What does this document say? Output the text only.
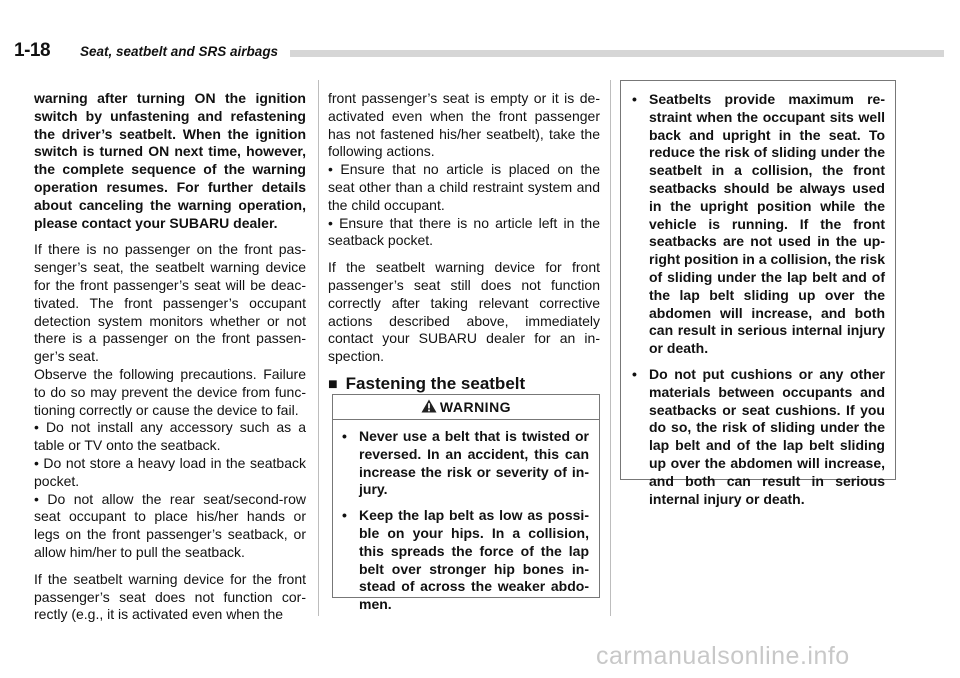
1-18 Seat, seatbelt and SRS airbags

warning after turning ON the ignition switch by unfastening and refastening the driver’s seatbelt. When the ignition switch is turned ON next time, however, the complete sequence of the warning operation resumes. For further details about canceling the warning operation, please contact your SUBARU dealer.

If there is no passenger on the front passenger’s seat, the seatbelt warning device for the front passenger’s seat will be deactivated. The front passenger’s occupant detection system monitors whether or not there is a passenger on the front passenger’s seat.

Observe the following precautions. Failure to do so may prevent the device from functioning correctly or cause the device to fail.

• Do not install any accessory such as a table or TV onto the seatback.

• Do not store a heavy load in the seatback pocket.

• Do not allow the rear seat/second-row seat occupant to place his/her hands or legs on the front passenger’s seatback, or allow him/her to pull the seatback.

If the seatbelt warning device for the front passenger’s seat does not function correctly (e.g., it is activated even when the

front passenger’s seat is empty or it is deactivated even when the front passenger has not fastened his/her seatbelt), take the following actions.

• Ensure that no article is placed on the seat other than a child restraint system and the child occupant.

• Ensure that there is no article left in the seatback pocket.

If the seatbelt warning device for front passenger’s seat still does not function correctly after taking relevant corrective actions described above, immediately contact your SUBARU dealer for an inspection.

■ Fastening the seatbelt
WARNING
• Never use a belt that is twisted or reversed. In an accident, this can increase the risk or severity of injury.
• Keep the lap belt as low as possible on your hips. In a collision, this spreads the force of the lap belt over stronger hip bones instead of across the weaker abdomen.
• Seatbelts provide maximum restraint when the occupant sits well back and upright in the seat. To reduce the risk of sliding under the seatbelt in a collision, the front seatbacks should be always used in the upright position while the vehicle is running. If the front seatbacks are not used in the upright position in a collision, the risk of sliding under the lap belt and of the lap belt sliding up over the abdomen will increase, and both can result in serious internal injury or death.
• Do not put cushions or any other materials between occupants and seatbacks or seat cushions. If you do so, the risk of sliding under the lap belt and of the lap belt sliding up over the abdomen will increase, and both can result in serious internal injury or death.
carmanualsonline.info
